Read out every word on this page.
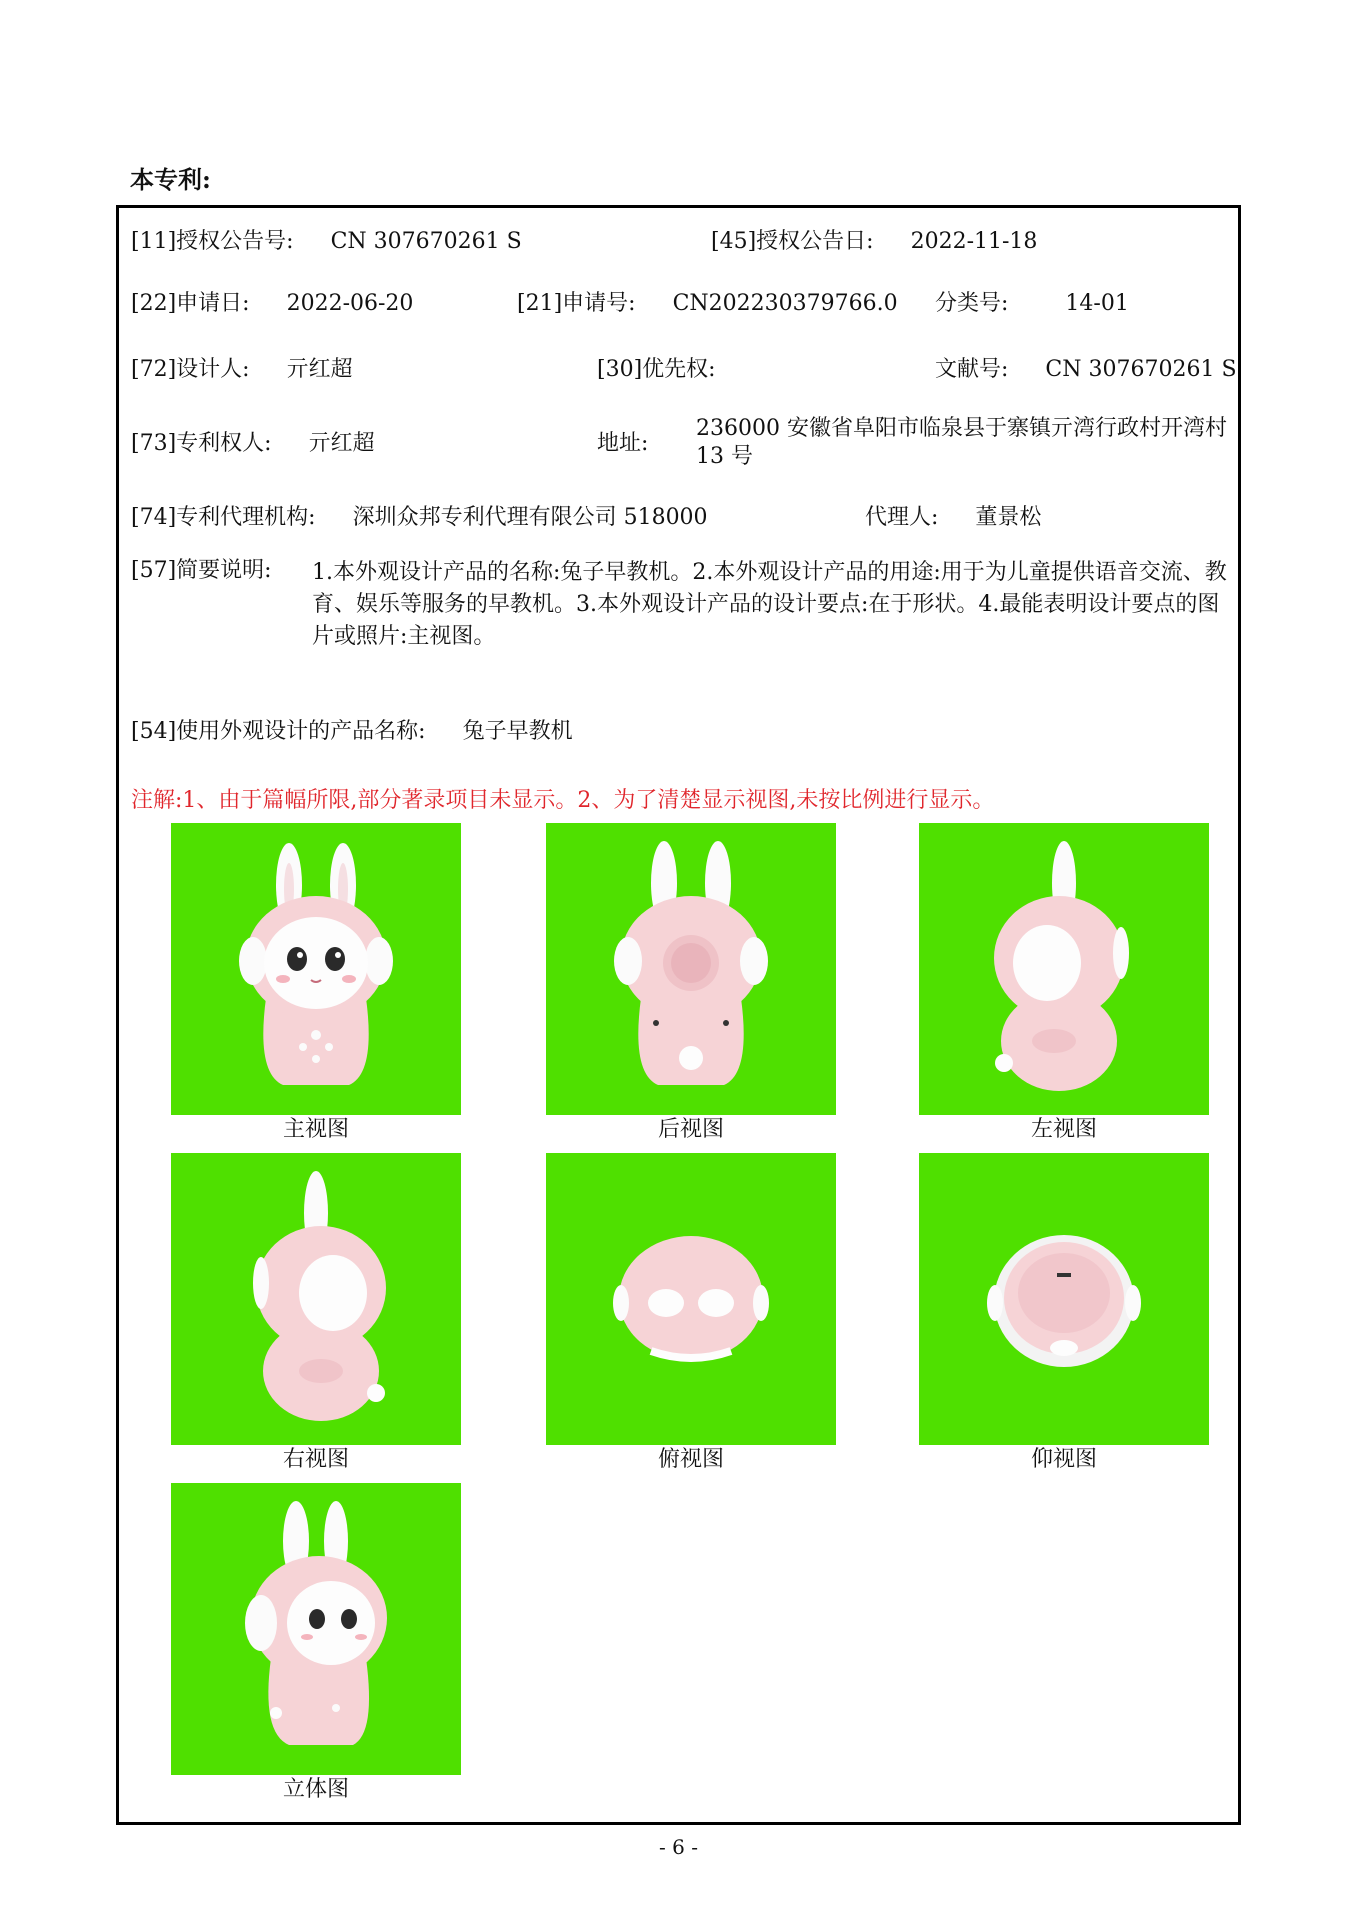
本专利:
[11]授权公告号: CN 307670261 S	[45]授权公告日: 2022-11-18
[22]申请日: 2022-06-20	[21]申请号: CN202230379766.0 分类号:	14-01
[72]设计人: 亓红超	[30]优先权:	文献号: CN 307670261 S
[73]专利权人: 亓红超	地址:
236000 安徽省阜阳市临泉县于寨镇亓湾行政村开湾村 13 号
[74]专利代理机构: 深圳众邦专利代理有限公司 518000	代理人: 董景松
[57]简要说明: 1.本外观设计产品的名称:兔子早教机。2.本外观设计产品的用途:用于为儿童提供语音交流、教育、娱乐等服务的早教机。3.本外观设计产品的设计要点:在于形状。4.最能表明设计要点的图片或照片:主视图。
[54]使用外观设计的产品名称: 兔子早教机
注解:1、由于篇幅所限,部分著录项目未显示。2、为了清楚显示视图,未按比例进行显示。
主视图	后视图	左视图
右视图	俯视图	仰视图
立体图
- 6 -
